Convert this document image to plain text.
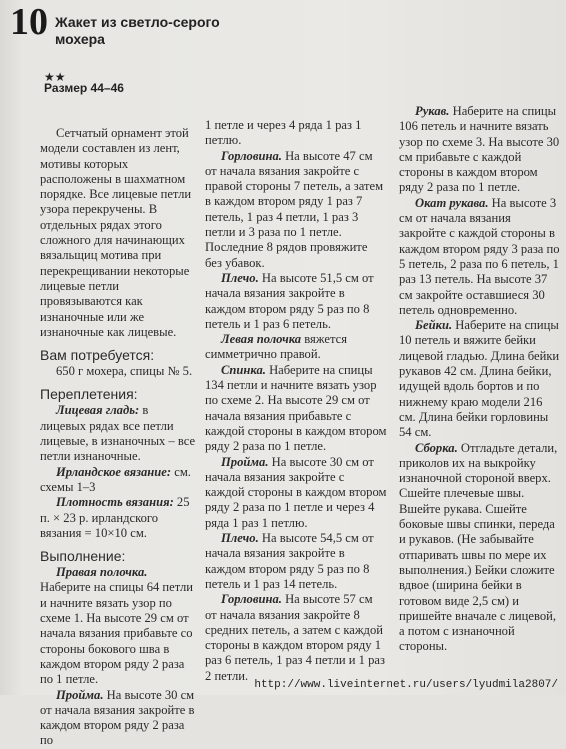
10 Жакет из светло-серого мохера
★★
Размер 44–46

Сетчатый орнамент этой модели составлен из лент, мотивы которых расположены в шахматном порядке. Все лицевые петли узора перекручены. В отдельных рядах этого сложного для начинающих вязальщиц мотива при перекрещивании некоторые лицевые петли провязываются как изнаночные или же изнаночные как лицевые.

Вам потребуется:

650 г мохера, спицы № 5.

Переплетения:

Лицевая гладь: в лицевых рядах все петли лицевые, в изнаночных – все петли изнаночные.

Ирландское вязание: см. схемы 1–3

Плотность вязания: 25 п. × 23 р. ирландского вязания = 10×10 см.

Выполнение:

Правая полочка. Наберите на спицы 64 петли и начните вязать узор по схеме 1. На высоте 29 см от начала вязания прибавьте со стороны бокового шва в каждом втором ряду 2 раза по 1 петле.

Пройма. На высоте 30 см от начала вязания закройте в каждом втором ряду 2 раза по

1 петле и через 4 ряда 1 раз 1 петлю.

Горловина. На высоте 47 см от начала вязания закройте с правой стороны 7 петель, а затем в каждом втором ряду 1 раз 7 петель, 1 раз 4 петли, 1 раз 3 петли и 3 раза по 1 петле. Последние 8 рядов провяжите без убавок.

Плечо. На высоте 51,5 см от начала вязания закройте в каждом втором ряду 5 раз по 8 петель и 1 раз 6 петель.

Левая полочка вяжется симметрично правой.

Спинка. Наберите на спицы 134 петли и начните вязать узор по схеме 2. На высоте 29 см от начала вязания прибавьте с каждой стороны в каждом втором ряду 2 раза по 1 петле.

Пройма. На высоте 30 см от начала вязания закройте с каждой стороны в каждом втором ряду 2 раза по 1 петле и через 4 ряда 1 раз 1 петлю.

Плечо. На высоте 54,5 см от начала вязания закройте в каждом втором ряду 5 раз по 8 петель и 1 раз 14 петель.

Горловина. На высоте 57 см от начала вязания закройте 8 средних петель, а затем с каждой стороны в каждом втором ряду 1 раз 6 петель, 1 раз 4 петли и 1 раз 2 петли.

Рукав. Наберите на спицы 106 петель и начните вязать узор по схеме 3. На высоте 30 см прибавьте с каждой стороны в каждом втором ряду 2 раза по 1 петле.

Окат рукава. На высоте 3 см от начала вязания закройте с каждой стороны в каждом втором ряду 3 раза по 5 петель, 2 раза по 6 петель, 1 раз 13 петель. На высоте 37 см закройте оставшиеся 30 петель одновременно.

Бейки. Наберите на спицы 10 петель и вяжите бейки лицевой гладью. Длина бейки рукавов 42 см. Длина бейки, идущей вдоль бортов и по нижнему краю модели 216 см. Длина бейки горловины 54 см.

Сборка. Отгладьте детали, приколов их на выкройку изнаночной стороной вверх. Сшейте плечевые швы. Вшейте рукава. Сшейте боковые швы спинки, переда и рукавов. (Не забывайте отпаривать швы по мере их выполнения.) Бейки сложите вдвое (ширина бейки в готовом виде 2,5 см) и пришейте вначале с лицевой, а потом с изнаночной стороны.

http://www.liveinternet.ru/users/lyudmila2807/
